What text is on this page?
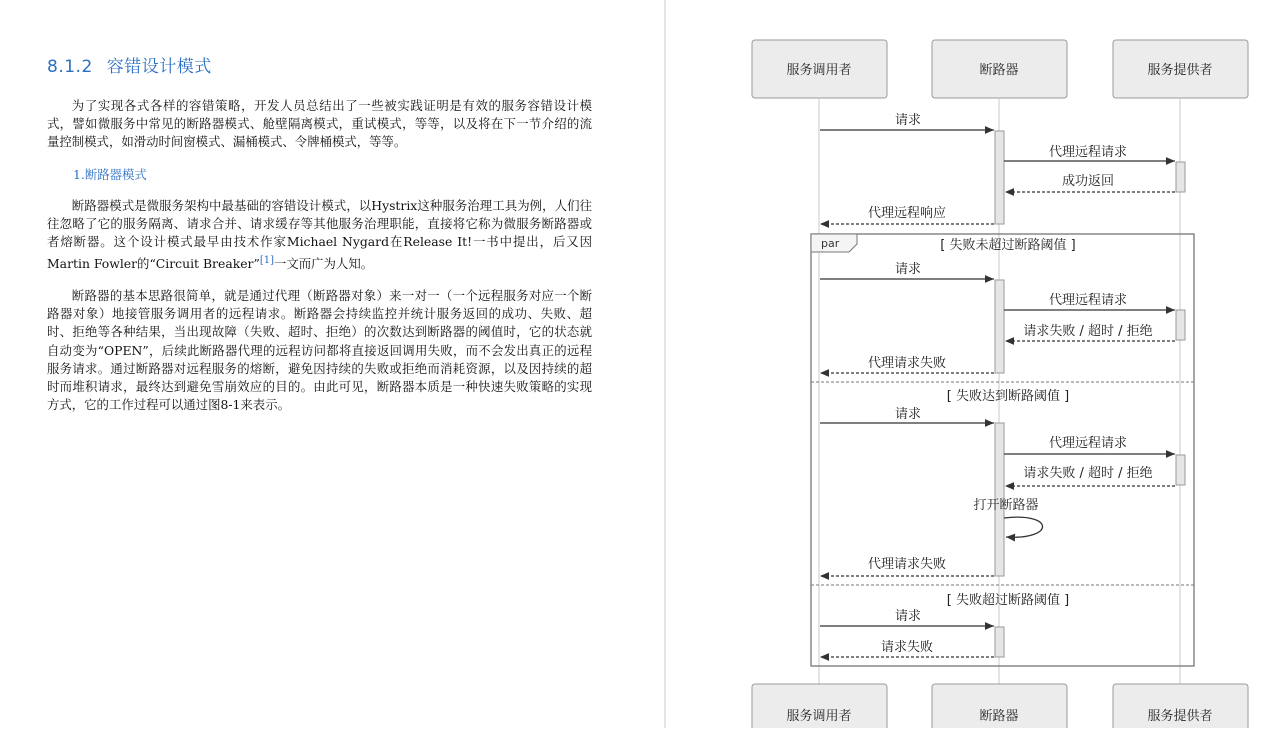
8.1.2 容错设计模式

为了实现各式各样的容错策略，开发人员总结出了一些被实践证明是有效的服务容错设计模式，譬如微服务中常见的断路器模式、舱壁隔离模式，重试模式，等等，以及将在下一节介绍的流量控制模式，如滑动时间窗模式、漏桶模式、令牌桶模式，等等。

1.断路器模式

断路器模式是微服务架构中最基础的容错设计模式，以Hystrix这种服务治理工具为例，人们往往忽略了它的服务隔离、请求合并、请求缓存等其他服务治理职能，直接将它称为微服务断路器或者熔断器。这个设计模式最早由技术作家Michael Nygard在Release It!一书中提出，后又因Martin Fowler的“Circuit Breaker”[1]一文而广为人知。

断路器的基本思路很简单，就是通过代理（断路器对象）来一对一（一个远程服务对应一个断路器对象）地接管服务调用者的远程请求。断路器会持续监控并统计服务返回的成功、失败、超时、拒绝等各种结果，当出现故障（失败、超时、拒绝）的次数达到断路器的阈值时，它的状态就自动变为“OPEN”，后续此断路器代理的远程访问都将直接返回调用失败，而不会发出真正的远程服务请求。通过断路器对远程服务的熔断，避免因持续的失败或拒绝而消耗资源，以及因持续的超时而堆积请求，最终达到避免雪崩效应的目的。由此可见，断路器本质是一种快速失败策略的实现方式，它的工作过程可以通过图8-1来表示。

服务调用者	断路器	服务提供者
服务调用者	断路器	服务提供者
请求
代理远程请求
成功返回
代理远程响应
par	[ 失败未超过断路阈值 ]
请求
代理远程请求
请求失败 / 超时 / 拒绝
代理请求失败
[ 失败达到断路阈值 ]
请求
代理远程请求
请求失败 / 超时 / 拒绝
打开断路器
代理请求失败
[ 失败超过断路阈值 ]
请求
请求失败
